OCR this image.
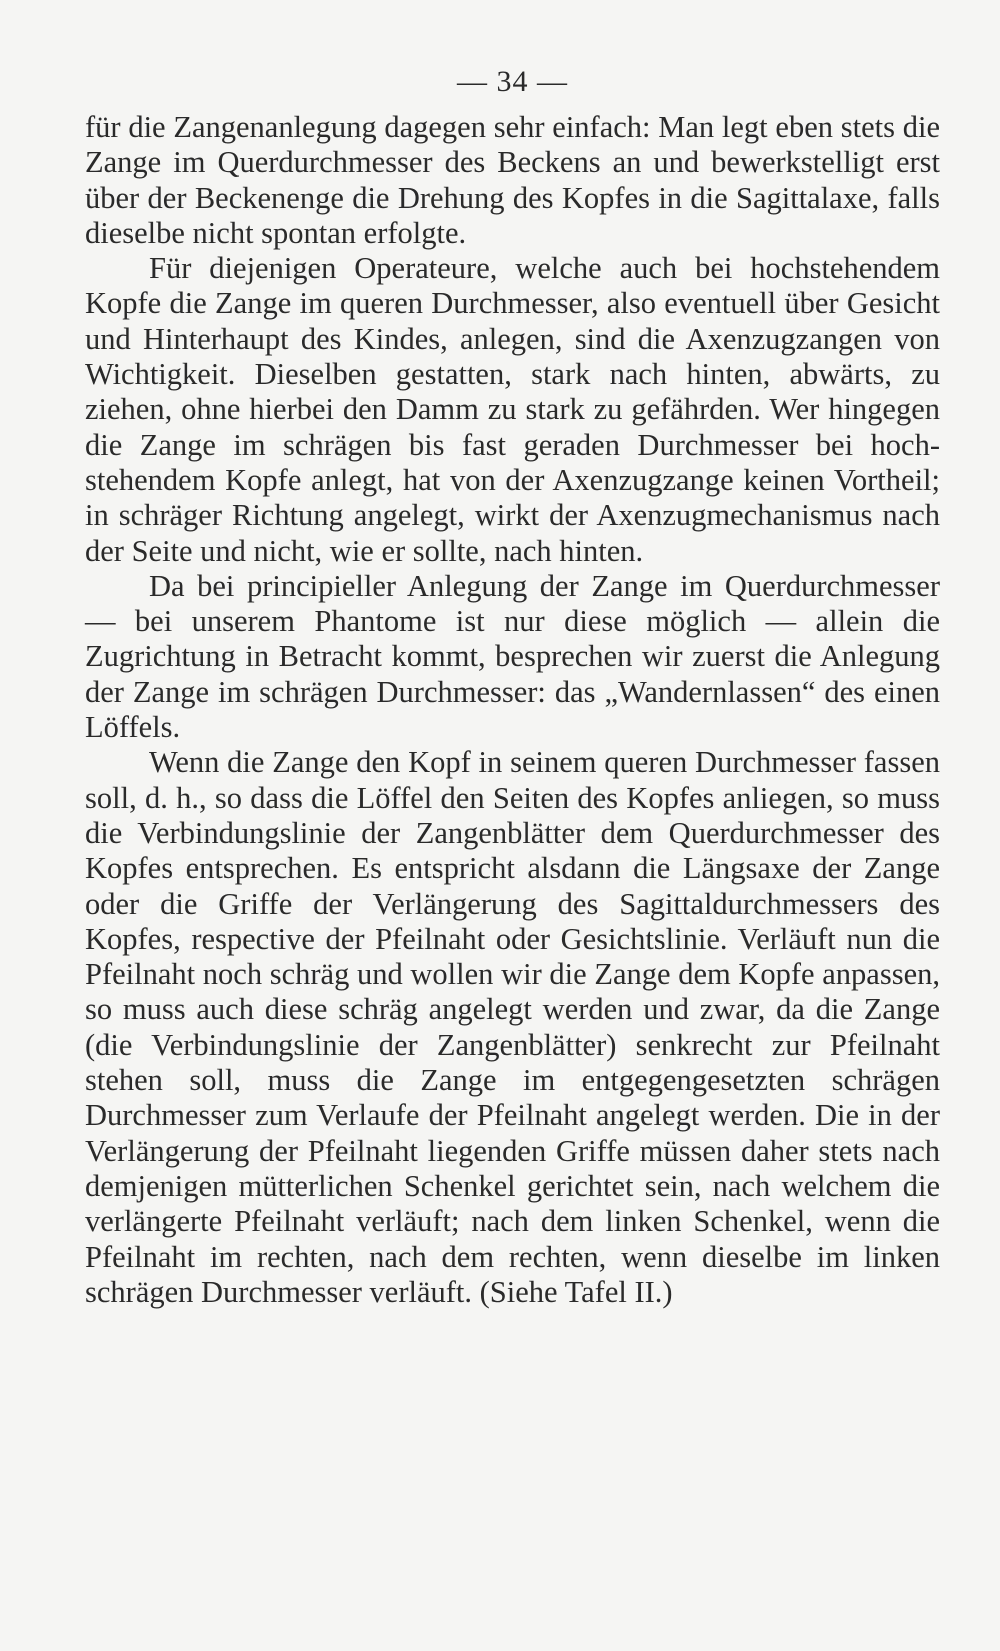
— 34 —

für die Zangenanlegung dagegen sehr einfach: Man legt eben stets die Zange im Querdurchmesser des Beckens an und bewerkstelligt erst über der Beckenenge die Drehung des Kopfes in die Sagittalaxe, falls dieselbe nicht spontan erfolgte.

Für diejenigen Operateure, welche auch bei hochstehendem Kopfe die Zange im queren Durchmesser, also eventuell über Gesicht und Hinterhaupt des Kindes, anlegen, sind die Axenzugzangen von Wichtigkeit. Dieselben gestatten, stark nach hinten, abwärts, zu ziehen, ohne hierbei den Damm zu stark zu gefährden. Wer hingegen die Zange im schrägen bis fast geraden Durchmesser bei hochstehendem Kopfe anlegt, hat von der Axenzugzange keinen Vortheil; in schräger Richtung angelegt, wirkt der Axenzugmechanismus nach der Seite und nicht, wie er sollte, nach hinten.

Da bei principieller Anlegung der Zange im Querdurchmesser — bei unserem Phantome ist nur diese möglich — allein die Zugrichtung in Betracht kommt, besprechen wir zuerst die Anlegung der Zange im schrägen Durchmesser: das „Wandernlassen“ des einen Löffels.

Wenn die Zange den Kopf in seinem queren Durchmesser fassen soll, d. h., so dass die Löffel den Seiten des Kopfes anliegen, so muss die Verbindungslinie der Zangenblätter dem Querdurchmesser des Kopfes entsprechen. Es entspricht alsdann die Längsaxe der Zange oder die Griffe der Verlängerung des Sagittaldurchmessers des Kopfes, respective der Pfeilnaht oder Gesichtslinie. Verläuft nun die Pfeilnaht noch schräg und wollen wir die Zange dem Kopfe anpassen, so muss auch diese schräg angelegt werden und zwar, da die Zange (die Verbindungslinie der Zangenblätter) senkrecht zur Pfeilnaht stehen soll, muss die Zange im entgegengesetzten schrägen Durchmesser zum Verlaufe der Pfeilnaht angelegt werden. Die in der Verlängerung der Pfeilnaht liegenden Griffe müssen daher stets nach demjenigen mütterlichen Schenkel gerichtet sein, nach welchem die verlängerte Pfeilnaht verläuft; nach dem linken Schenkel, wenn die Pfeilnaht im rechten, nach dem rechten, wenn dieselbe im linken schrägen Durchmesser verläuft. (Siehe Tafel II.)
